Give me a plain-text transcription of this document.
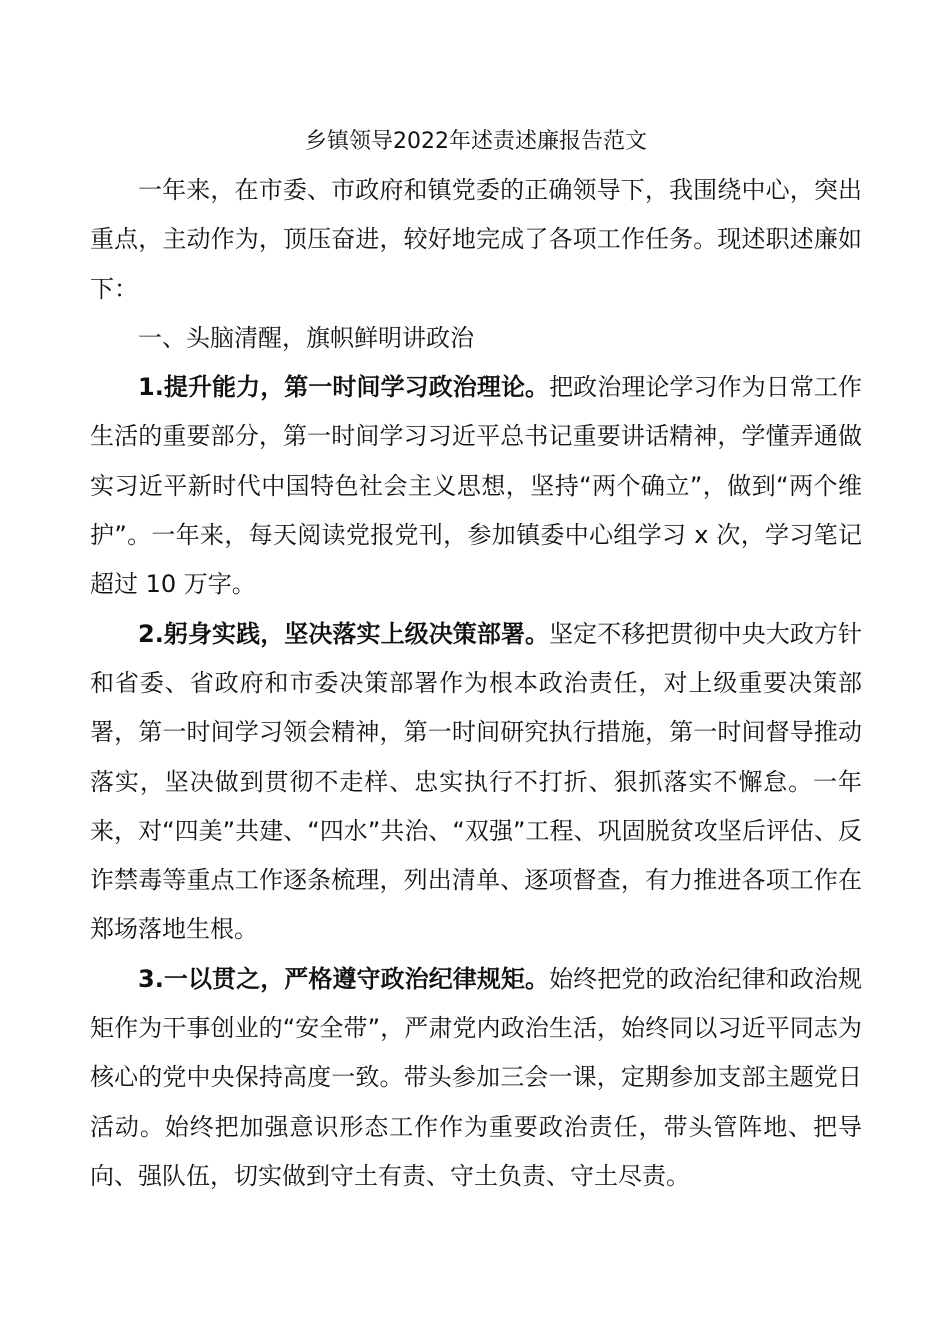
乡镇领导2022年述责述廉报告范文

一年来，在市委、市政府和镇党委的正确领导下，我围绕中心，突出重点，主动作为，顶压奋进，较好地完成了各项工作任务。现述职述廉如下：

一、头脑清醒，旗帜鲜明讲政治

1.提升能力，第一时间学习政治理论。把政治理论学习作为日常工作生活的重要部分，第一时间学习习近平总书记重要讲话精神，学懂弄通做实习近平新时代中国特色社会主义思想，坚持“两个确立”，做到“两个维护”。一年来，每天阅读党报党刊，参加镇委中心组学习 x 次，学习笔记超过 10 万字。

2.躬身实践，坚决落实上级决策部署。坚定不移把贯彻中央大政方针和省委、省政府和市委决策部署作为根本政治责任，对上级重要决策部署，第一时间学习领会精神，第一时间研究执行措施，第一时间督导推动落实，坚决做到贯彻不走样、忠实执行不打折、狠抓落实不懈怠。一年来，对“四美”共建、“四水”共治、“双强”工程、巩固脱贫攻坚后评估、反诈禁毒等重点工作逐条梳理，列出清单、逐项督查，有力推进各项工作在郑场落地生根。

3.一以贯之，严格遵守政治纪律规矩。始终把党的政治纪律和政治规矩作为干事创业的“安全带”，严肃党内政治生活，始终同以习近平同志为核心的党中央保持高度一致。带头参加三会一课，定期参加支部主题党日活动。始终把加强意识形态工作作为重要政治责任，带头管阵地、把导向、强队伍，切实做到守土有责、守土负责、守土尽责。
